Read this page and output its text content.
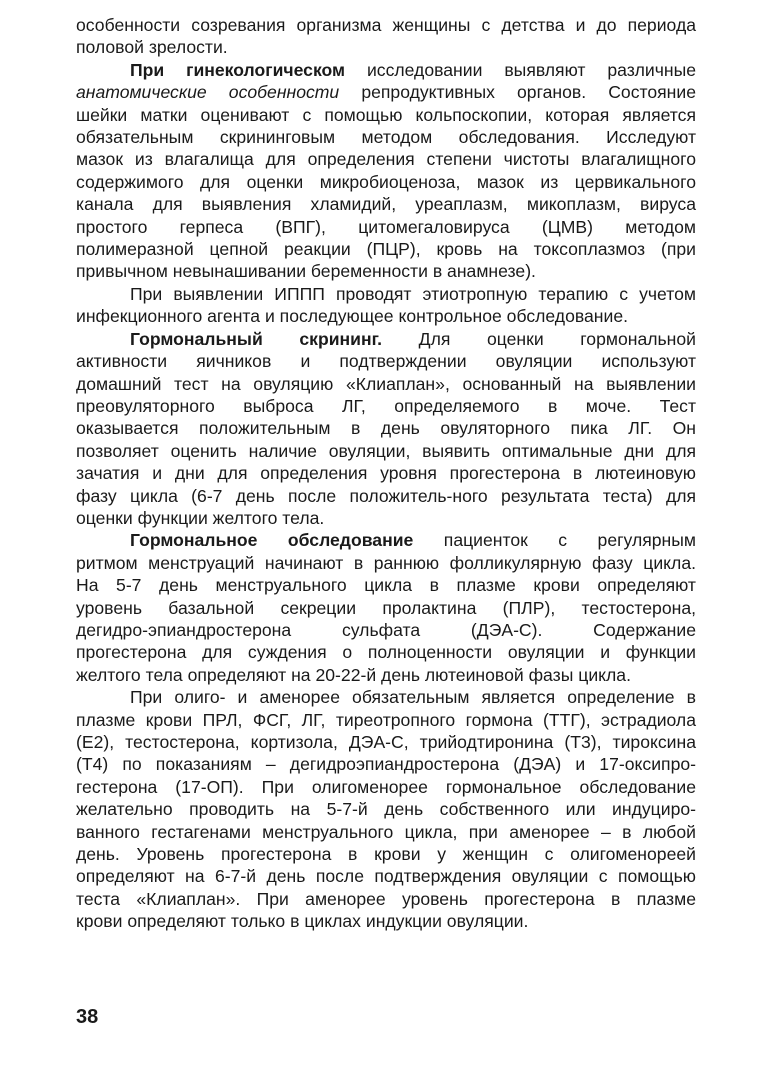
особенности созревания организма женщины с детства и до периода
половой зрелости.
При гинекологическом исследовании выявляют различные
анатомические особенности репродуктивных органов. Состояние
шейки матки оценивают с помощью кольпоскопии, которая является
обязательным скрининговым методом обследования. Исследуют
мазок из влагалища для определения степени чистоты влагалищного
содержимого для оценки микробиоценоза, мазок из цервикального
канала для выявления хламидий, уреаплазм, микоплазм, вируса
простого герпеса (ВПГ), цитомегаловируса (ЦМВ) методом
полимеразной цепной реакции (ПЦР), кровь на токсоплазмоз (при
привычном невынашивании беременности в анамнезе).
При выявлении ИППП проводят этиотропную терапию с учетом
инфекционного агента и последующее контрольное обследование.
Гормональный скрининг. Для оценки гормональной
активности яичников и подтверждении овуляции используют
домашний тест на овуляцию «Клиаплан», основанный на выявлении
преовуляторного выброса ЛГ, определяемого в моче. Тест
оказывается положительным в день овуляторного пика ЛГ. Он
позволяет оценить наличие овуляции, выявить оптимальные дни для
зачатия и дни для определения уровня прогестерона в лютеиновую
фазу цикла (6-7 день после положитель-ного результата теста) для
оценки функции желтого тела.
Гормональное обследование пациенток с регулярным
ритмом менструаций начинают в раннюю фолликулярную фазу цикла.
На 5-7 день менструального цикла в плазме крови определяют
уровень базальной секреции пролактина (ПЛР), тестостерона,
дегидро-эпиандростерона сульфата (ДЭА-С). Содержание
прогестерона для суждения о полноценности овуляции и функции
желтого тела определяют на 20-22-й день лютеиновой фазы цикла.
При олиго- и аменорее обязательным является определение в
плазме крови ПРЛ, ФСГ, ЛГ, тиреотропного гормона (ТТГ), эстрадиола
(Е2), тестостерона, кортизола, ДЭА-С, трийодтиронина (Т3), тироксина
(Т4) по показаниям – дегидроэпиандростерона (ДЭА) и 17-оксипро-
гестерона (17-ОП). При олигоменорее гормональное обследование
желательно проводить на 5-7-й день собственного или индуциро-
ванного гестагенами менструального цикла, при аменорее – в любой
день. Уровень прогестерона в крови у женщин с олигоменореей
определяют на 6-7-й день после подтверждения овуляции с помощью
теста «Клиаплан». При аменорее уровень прогестерона в плазме
крови определяют только в циклах индукции овуляции.
38
